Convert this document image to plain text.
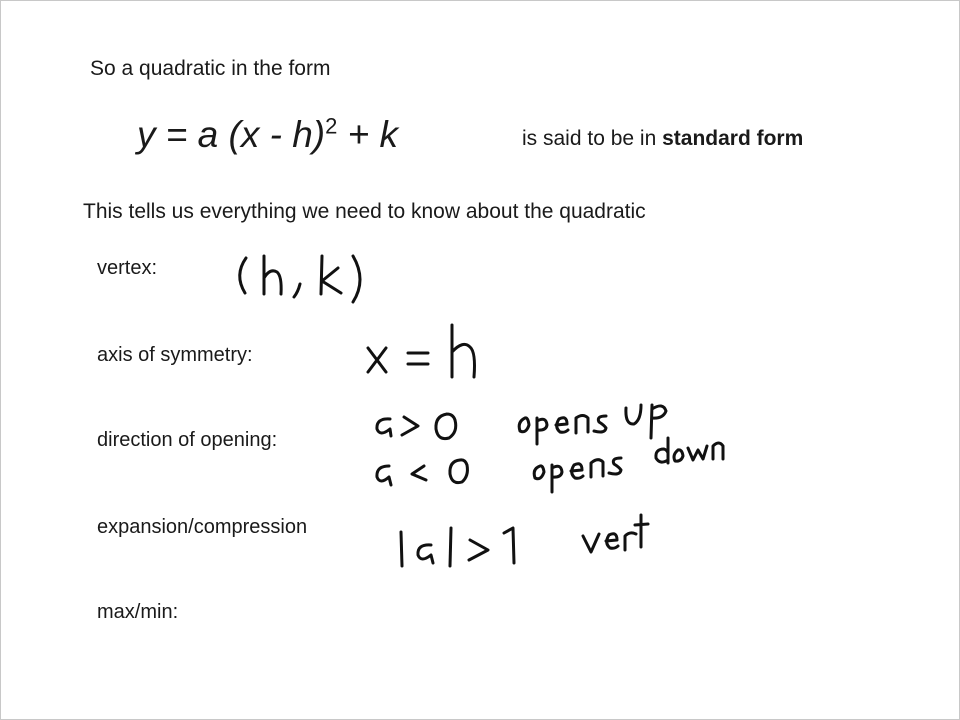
So a quadratic in the form
y = a (x - h)$^2$ + k	is said to be in standard form
This tells us everything we need to know about the quadratic
vertex:
axis of symmetry:
direction of opening:
expansion/compression
max/min:
